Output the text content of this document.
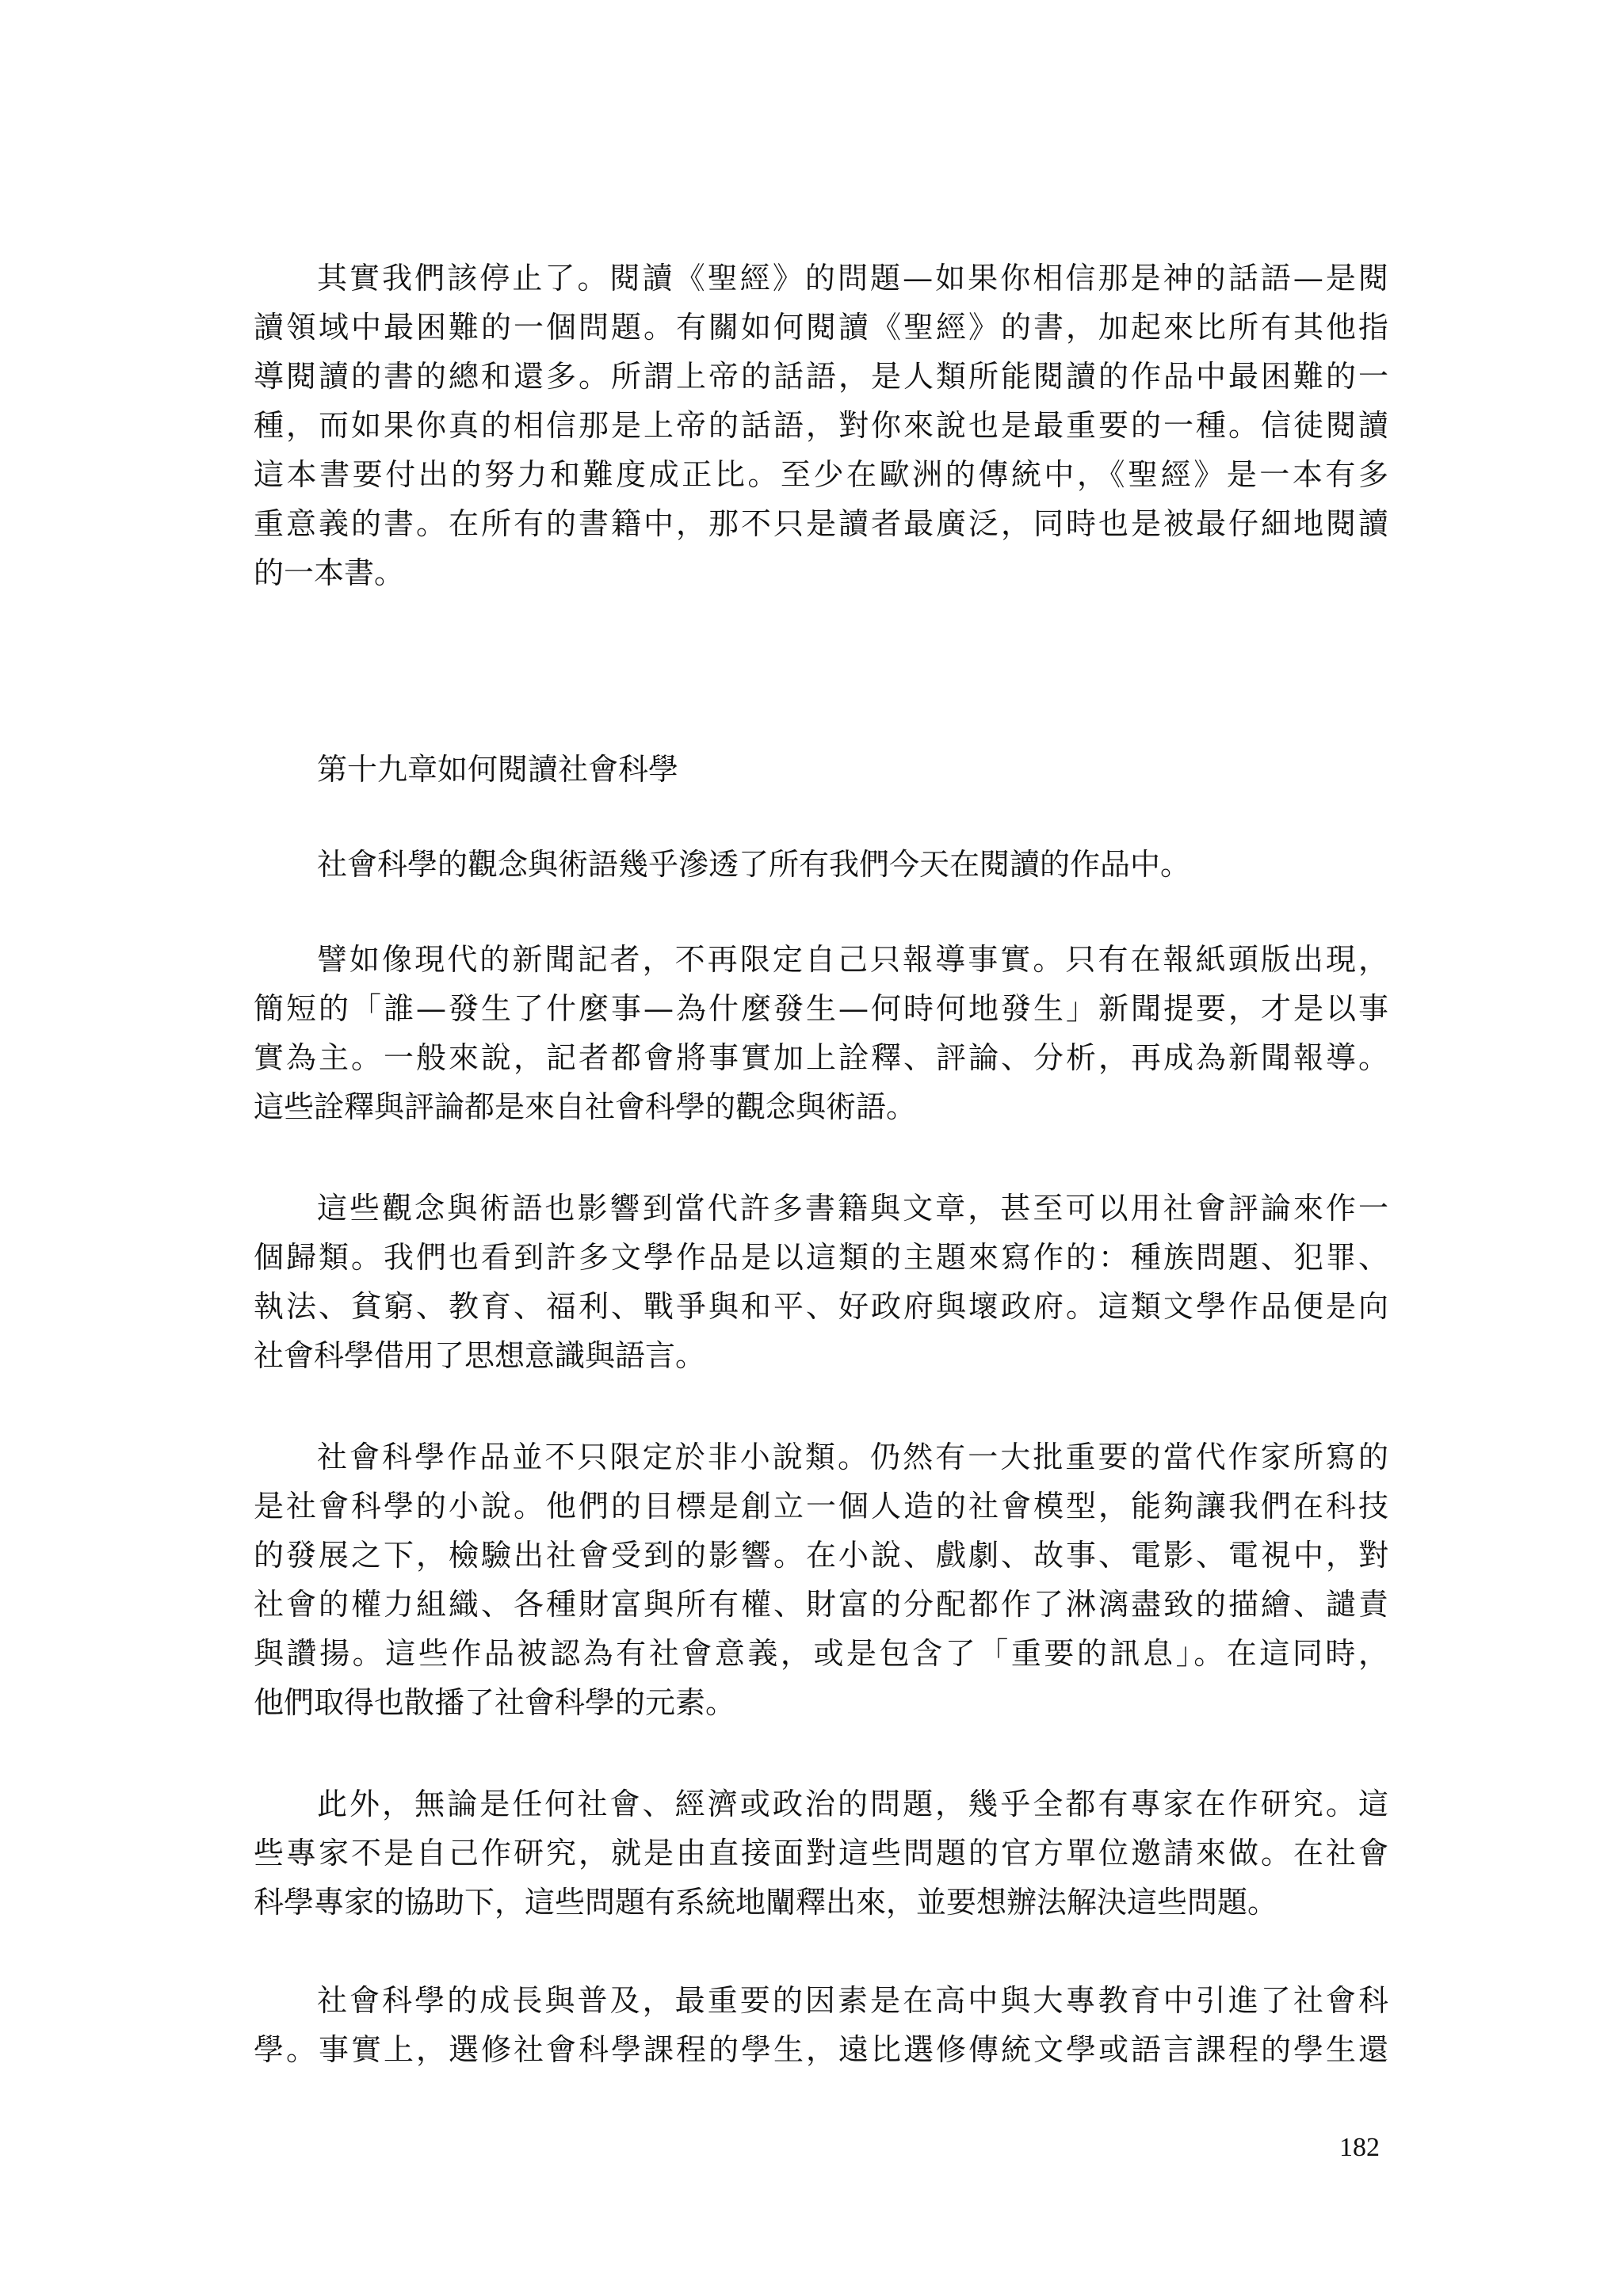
其實我們該停止了。閱讀《聖經》的問題—如果你相信那是神的話語—是閱
讀領域中最困難的一個問題。有關如何閱讀《聖經》的書，加起來比所有其他指
導閱讀的書的總和還多。所謂上帝的話語，是人類所能閱讀的作品中最困難的一
種，而如果你真的相信那是上帝的話語，對你來說也是最重要的一種。信徒閱讀
這本書要付出的努力和難度成正比。至少在歐洲的傳統中，《聖經》是一本有多
重意義的書。在所有的書籍中，那不只是讀者最廣泛，同時也是被最仔細地閱讀
的一本書。
第十九章如何閱讀社會科學
社會科學的觀念與術語幾乎滲透了所有我們今天在閱讀的作品中。
譬如像現代的新聞記者，不再限定自己只報導事實。只有在報紙頭版出現，
簡短的「誰—發生了什麼事—為什麼發生—何時何地發生」新聞提要，才是以事
實為主。一般來說，記者都會將事實加上詮釋、評論、分析，再成為新聞報導。
這些詮釋與評論都是來自社會科學的觀念與術語。
這些觀念與術語也影響到當代許多書籍與文章，甚至可以用社會評論來作一
個歸類。我們也看到許多文學作品是以這類的主題來寫作的：種族問題、犯罪、
執法、貧窮、教育、福利、戰爭與和平、好政府與壞政府。這類文學作品便是向
社會科學借用了思想意識與語言。
社會科學作品並不只限定於非小說類。仍然有一大批重要的當代作家所寫的
是社會科學的小說。他們的目標是創立一個人造的社會模型，能夠讓我們在科技
的發展之下，檢驗出社會受到的影響。在小說、戲劇、故事、電影、電視中，對
社會的權力組織、各種財富與所有權、財富的分配都作了淋漓盡致的描繪、譴責
與讚揚。這些作品被認為有社會意義，或是包含了「重要的訊息」。在這同時，
他們取得也散播了社會科學的元素。
此外，無論是任何社會、經濟或政治的問題，幾乎全都有專家在作研究。這
些專家不是自己作研究，就是由直接面對這些問題的官方單位邀請來做。在社會
科學專家的協助下，這些問題有系統地闡釋出來，並要想辦法解決這些問題。
社會科學的成長與普及，最重要的因素是在高中與大專教育中引進了社會科
學。事實上，選修社會科學課程的學生，遠比選修傳統文學或語言課程的學生還
182
